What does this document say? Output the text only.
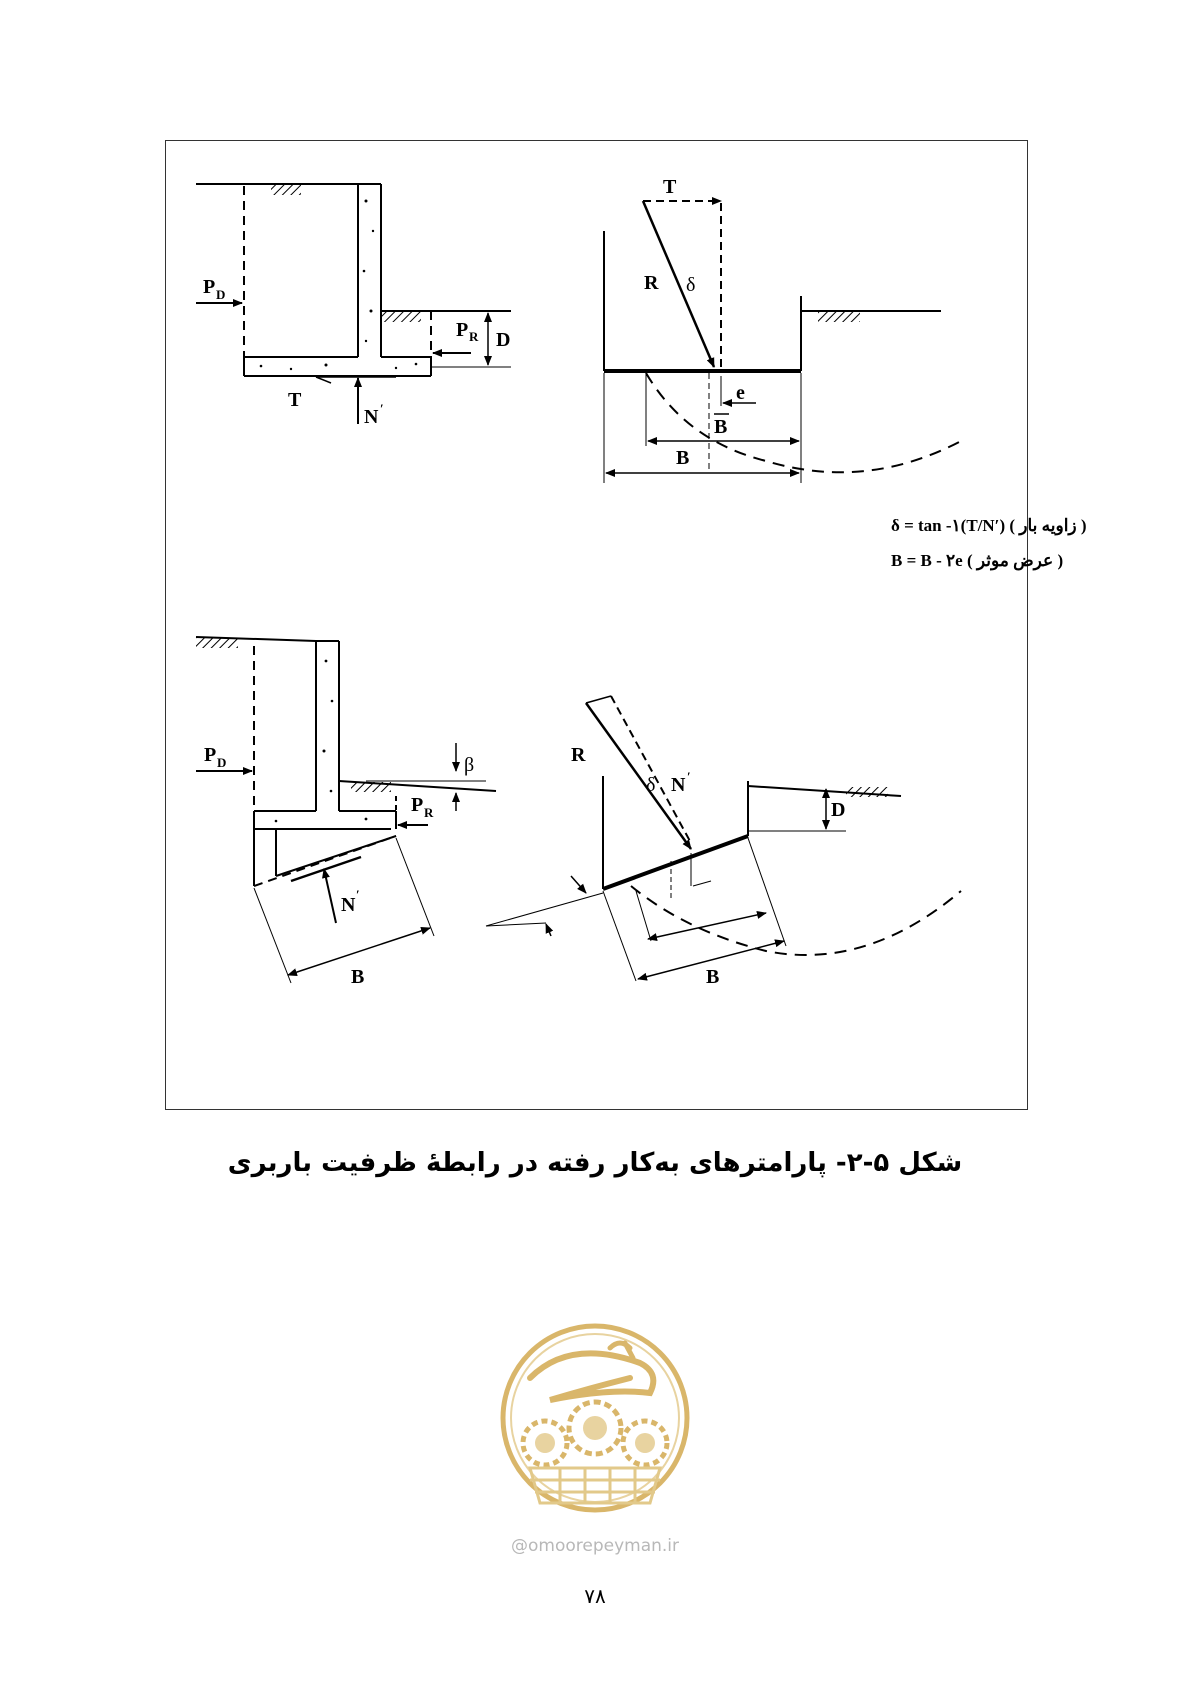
P D
P R D
T
N ′
T
R δ
e
B
B
( زاویه بار ) δ = tan -۱(T/N′)
( عرض موثر ) B = B - ۲e
P D
P R
β
N ′
B
R
δ N ′
D
B
شکل ۵-۲- پارامترهای به‌کار رفته در رابطهٔ ظرفیت باربری
@omoorepeyman.ir
۷۸
